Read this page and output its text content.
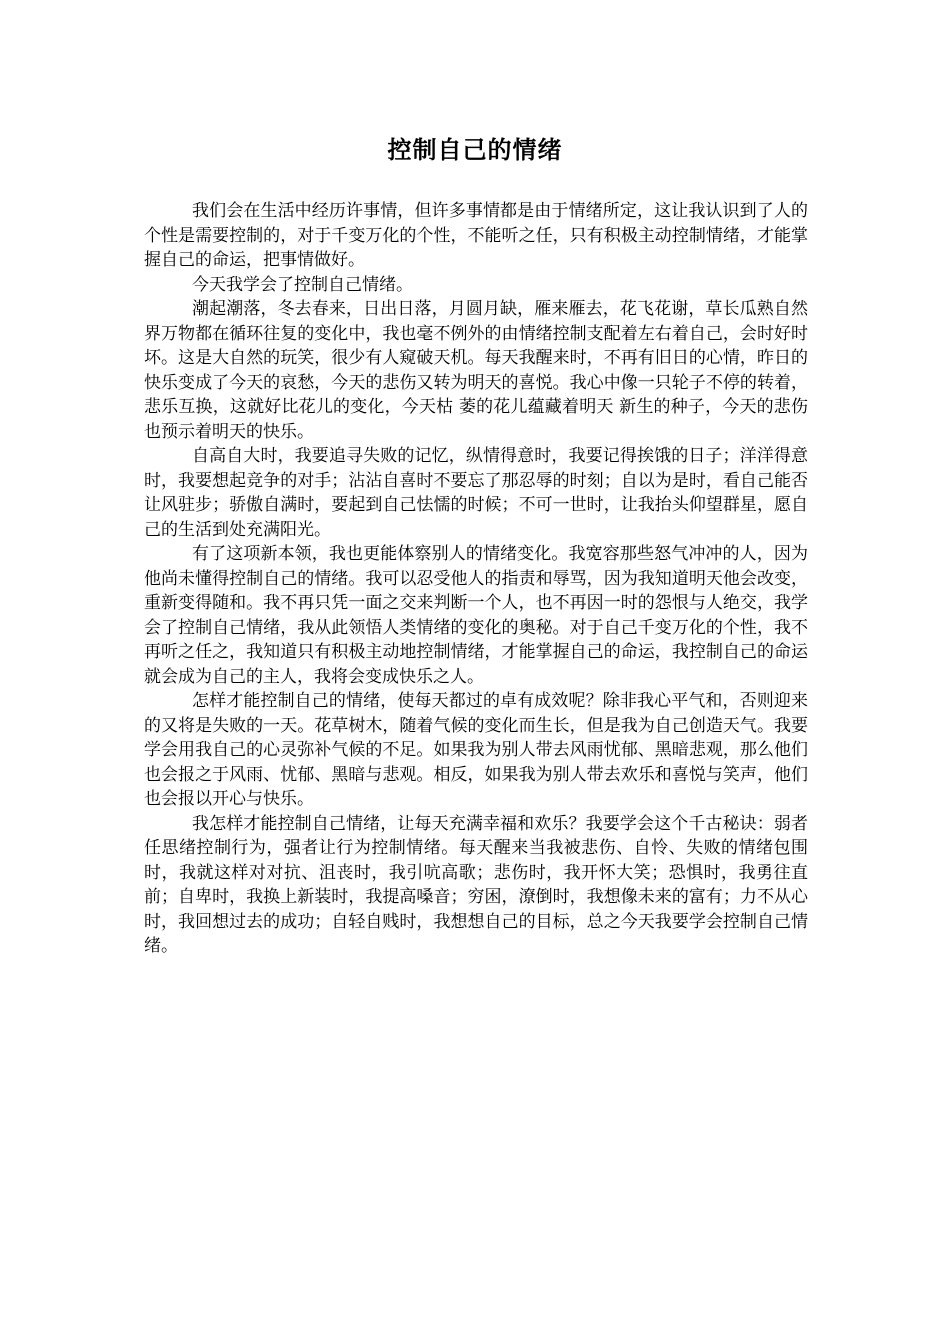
控制自己的情绪

我们会在生活中经历许事情，但许多事情都是由于情绪所定，这让我认识到了人的个性是需要控制的，对于千变万化的个性，不能听之任，只有积极主动控制情绪，才能掌握自己的命运，把事情做好。

今天我学会了控制自己情绪。

潮起潮落，冬去春来，日出日落，月圆月缺，雁来雁去，花飞花谢，草长瓜熟自然界万物都在循环往复的变化中，我也毫不例外的由情绪控制支配着左右着自己，会时好时坏。这是大自然的玩笑，很少有人窥破天机。每天我醒来时，不再有旧日的心情，昨日的快乐变成了今天的哀愁，今天的悲伤又转为明天的喜悦。我心中像一只轮子不停的转着，悲乐互换，这就好比花儿的变化，今天枯 萎的花儿蕴藏着明天 新生的种子，今天的悲伤也预示着明天的快乐。

自高自大时，我要追寻失败的记忆，纵情得意时，我要记得挨饿的日子；洋洋得意时，我要想起竞争的对手；沾沾自喜时不要忘了那忍辱的时刻；自以为是时，看自己能否让风驻步；骄傲自满时，要起到自己怯懦的时候；不可一世时，让我抬头仰望群星，愿自己的生活到处充满阳光。

有了这项新本领，我也更能体察别人的情绪变化。我宽容那些怒气冲冲的人，因为他尚未懂得控制自己的情绪。我可以忍受他人的指责和辱骂，因为我知道明天他会改变，重新变得随和。我不再只凭一面之交来判断一个人，也不再因一时的怨恨与人绝交，我学会了控制自己情绪，我从此领悟人类情绪的变化的奥秘。对于自己千变万化的个性，我不再听之任之，我知道只有积极主动地控制情绪，才能掌握自己的命运，我控制自己的命运就会成为自己的主人，我将会变成快乐之人。

怎样才能控制自己的情绪，使每天都过的卓有成效呢？除非我心平气和，否则迎来的又将是失败的一天。花草树木，随着气候的变化而生长，但是我为自己创造天气。我要学会用我自己的心灵弥补气候的不足。如果我为别人带去风雨忧郁、黑暗悲观，那么他们也会报之于风雨、忧郁、黑暗与悲观。相反，如果我为别人带去欢乐和喜悦与笑声，他们也会报以开心与快乐。

我怎样才能控制自己情绪，让每天充满幸福和欢乐？我要学会这个千古秘诀：弱者任思绪控制行为，强者让行为控制情绪。每天醒来当我被悲伤、自怜、失败的情绪包围时，我就这样对对抗、沮丧时，我引吭高歌；悲伤时，我开怀大笑；恐惧时，我勇往直前；自卑时，我换上新装时，我提高嗓音；穷困，潦倒时，我想像未来的富有；力不从心时，我回想过去的成功；自轻自贱时，我想想自己的目标，总之今天我要学会控制自己情绪。
